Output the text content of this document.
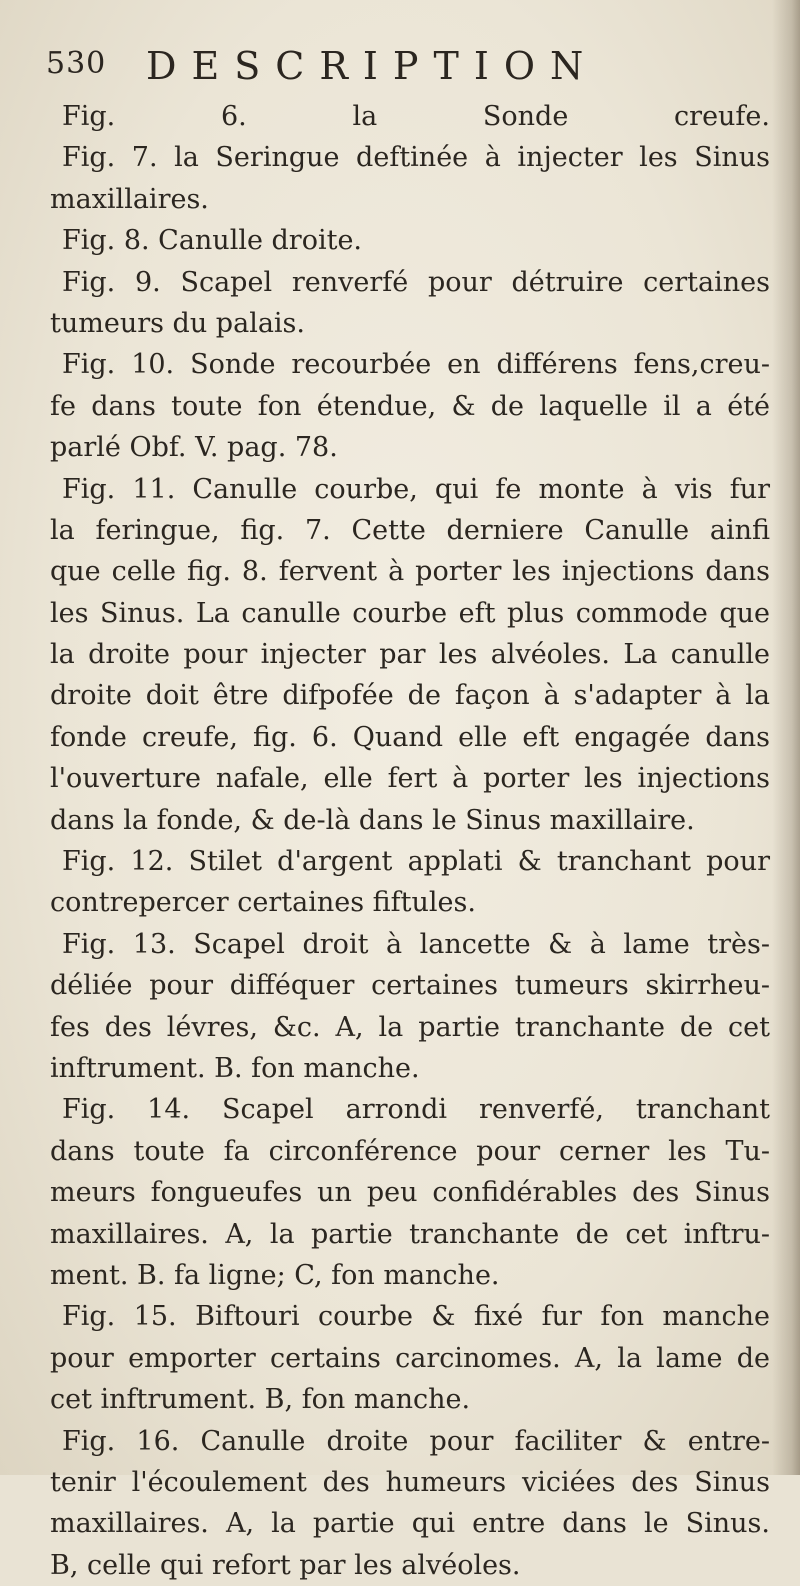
530 DESCRIPTION
Fig. 6. la Sonde creufe.
Fig. 7. la Seringue deftinée à injecter les Sinus
maxillaires.
Fig. 8. Canulle droite.
Fig. 9. Scapel renverfé pour détruire certaines
tumeurs du palais.
Fig. 10. Sonde recourbée en différens fens,creu-
fe dans toute fon étendue, & de laquelle il a été
parlé Obf. V. pag. 78.
Fig. 11. Canulle courbe, qui fe monte à vis fur
la feringue, fig. 7. Cette derniere Canulle ainfi
que celle fig. 8. fervent à porter les injections dans
les Sinus. La canulle courbe eft plus commode que
la droite pour injecter par les alvéoles. La canulle
droite doit être difpofée de façon à s'adapter à la
fonde creufe, fig. 6. Quand elle eft engagée dans
l'ouverture nafale, elle fert à porter les injections
dans la fonde, & de-là dans le Sinus maxillaire.
Fig. 12. Stilet d'argent applati & tranchant pour
contrepercer certaines fiftules.
Fig. 13. Scapel droit à lancette & à lame très-
déliée pour difféquer certaines tumeurs skirrheu-
fes des lévres, &c. A, la partie tranchante de cet
inftrument. B. fon manche.
Fig. 14. Scapel arrondi renverfé, tranchant
dans toute fa circonférence pour cerner les Tu-
meurs fongueufes un peu confidérables des Sinus
maxillaires. A, la partie tranchante de cet inftru-
ment. B. fa ligne; C, fon manche.
Fig. 15. Biftouri courbe & fixé fur fon manche
pour emporter certains carcinomes. A, la lame de
cet inftrument. B, fon manche.
Fig. 16. Canulle droite pour faciliter & entre-
tenir l'écoulement des humeurs viciées des Sinus
maxillaires. A, la partie qui entre dans le Sinus.
B, celle qui refort par les alvéoles.
